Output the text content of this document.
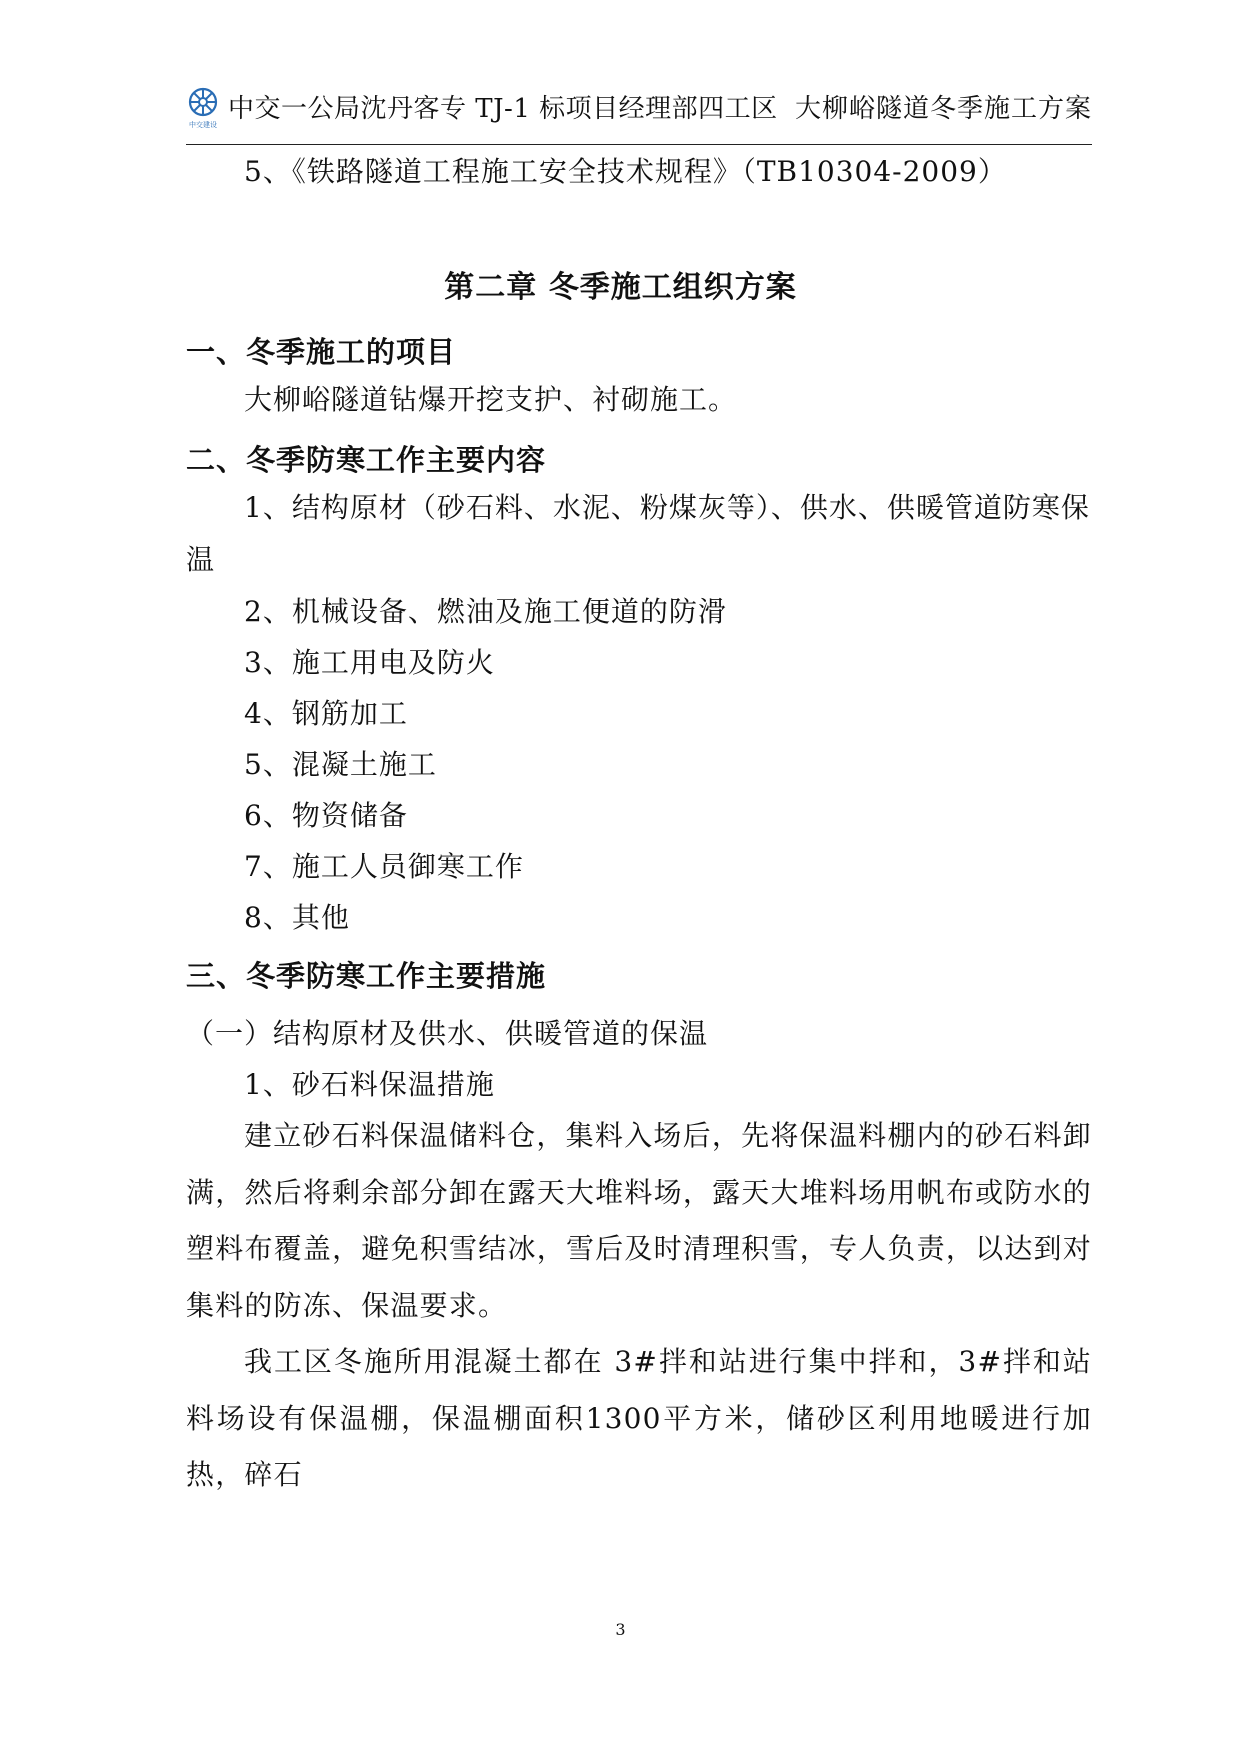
中交建设
中交一公局沈丹客专 TJ-1 标项目经理部四工区 大柳峪隧道冬季施工方案
5、《铁路隧道工程施工安全技术规程》（TB10304-2009）
第二章 冬季施工组织方案
一、冬季施工的项目
大柳峪隧道钻爆开挖支护、衬砌施工。
二、冬季防寒工作主要内容
1、结构原材（砂石料、水泥、粉煤灰等）、供水、供暖管道防寒保
温
2、机械设备、燃油及施工便道的防滑
3、施工用电及防火
4、钢筋加工
5、混凝土施工
6、物资储备
7、施工人员御寒工作
8、其他
三、冬季防寒工作主要措施
（一）结构原材及供水、供暖管道的保温
1、砂石料保温措施
建立砂石料保温储料仓，集料入场后，先将保温料棚内的砂石料卸满，然后将剩余部分卸在露天大堆料场，露天大堆料场用帆布或防水的塑料布覆盖，避免积雪结冰，雪后及时清理积雪，专人负责，以达到对集料的防冻、保温要求。
我工区冬施所用混凝土都在 3#拌和站进行集中拌和，3#拌和站料场设有保温棚，保温棚面积1300平方米，储砂区利用地暖进行加热，碎石
3
